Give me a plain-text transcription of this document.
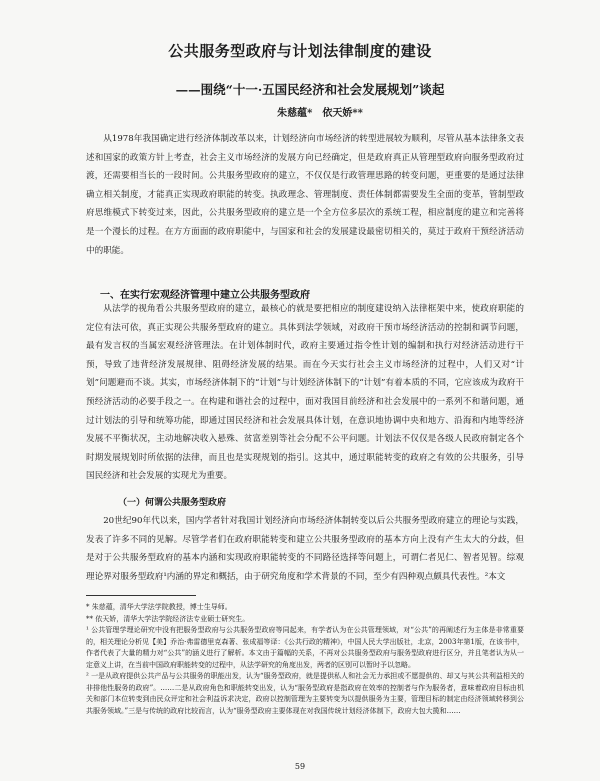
公共服务型政府与计划法律制度的建设
——围绕“十一·五国民经济和社会发展规划”谈起
朱慈蕴*　依天娇**

从1978年我国确定进行经济体制改革以来，计划经济向市场经济的转型进展较为顺利，尽管从基本法律条文表述和国家的政策方针上考查，社会主义市场经济的发展方向已经确定，但是政府真正从管理型政府向服务型政府过渡，还需要相当长的一段时间。公共服务型政府的建立，不仅仅是行政管理思路的转变问题，更重要的是通过法律确立相关制度，才能真正实现政府职能的转变。执政理念、管理制度、责任体制都需要发生全面的变革，管制型政府思维模式下转变过来，因此，公共服务型政府的建立是一个全方位多层次的系统工程，相应制度的建立和完善将是一个漫长的过程。在方方面面的政府职能中，与国家和社会的发展建设最密切相关的，莫过于政府干预经济活动中的职能。

一、在实行宏观经济管理中建立公共服务型政府

从法学的视角看公共服务型政府的建立，最核心的就是要把相应的制度建设纳入法律框架中来，使政府职能的定位有法可依，真正实现公共服务型政府的建立。具体到法学领域，对政府干预市场经济活动的控制和调节问题，最有发言权的当属宏观经济管理法。在计划体制时代，政府主要通过指令性计划的编制和执行对经济活动进行干预，导致了违背经济发展规律、阻碍经济发展的结果。而在今天实行社会主义市场经济的过程中，人们又对“计划”问题避而不谈。其实，市场经济体制下的“计划”与计划经济体制下的“计划”有着本质的不同，它应该成为政府干预经济活动的必要手段之一。在构建和谐社会的过程中，面对我国目前经济和社会发展中的一系列不和谐问题，通过计划法的引导和统筹功能，即通过国民经济和社会发展具体计划，在意识地协调中央和地方、沿海和内地等经济发展不平衡状况，主动地解决收入悬殊、贫富差别等社会分配不公平问题。计划法不仅仅是各级人民政府制定各个时期发展规划时所依据的法律，而且也是实现规划的指引。这其中，通过职能转变的政府之有效的公共服务，引导国民经济和社会发展的实现尤为重要。

（一）何谓公共服务型政府

20世纪90年代以来，国内学者针对我国计划经济向市场经济体制转变以后公共服务型政府建立的理论与实践，发表了许多不同的见解。尽管学者们在政府职能转变和建立公共服务型政府的基本方向上没有产生太大的分歧，但是对于公共服务型政府的基本内涵和实现政府职能转变的不同路径选择等问题上，可谓仁者见仁、智者见智。综观理论界对服务型政府¹内涵的界定和概括，由于研究角度和学术背景的不同，至少有四种观点颇具代表性。²本文

* 朱慈蕴，清华大学法学院教授，博士生导师。

** 依天娇，清华大学法学院经济法专业硕士研究生。

¹ 公共管理学理论研究中没有把服务型政府与公共服务型政府等同起来，有学者认为在公共管理领域，对“公共”的再阐述行为主体是非常重要的，相关理论分析见【美】乔治·弗雷德里克森著、张成福等译：《公共行政的精神》，中国人民大学出版社，北京，2003年第1版，在该书中，作者代表了大量的精力对“公共”的涵义进行了解析。本文由于篇幅的关系，不再对公共服务型政府与服务型政府进行区分，并且笔者认为从一定意义上讲，在当前中国政府职能转变的过程中，从法学研究的角度出发，两者的区别可以暂时予以忽略。

² 一是从政府提供公共产品与公共服务的职能出发，认为“服务型政府，就是提供私人和社会无力承担或不愿提供的、却又与其公共利益相关的非排他性服务的政府”。……二是从政府角色和职能转变出发，认为“服务型政府是指政府在效率的控制者与作为服务者，意味着政府目标由机关和部门本位转变到由民众评定和社会利益诉求决定，政府以控制管理为主要转变为以提供服务为主要，管理目标的制定由经济领域转移到公共服务领域。”三是与传统的政府比较而言，认为“服务型政府主要体现在对我国传统计划经济体制下，政府大包大揽和……

59
